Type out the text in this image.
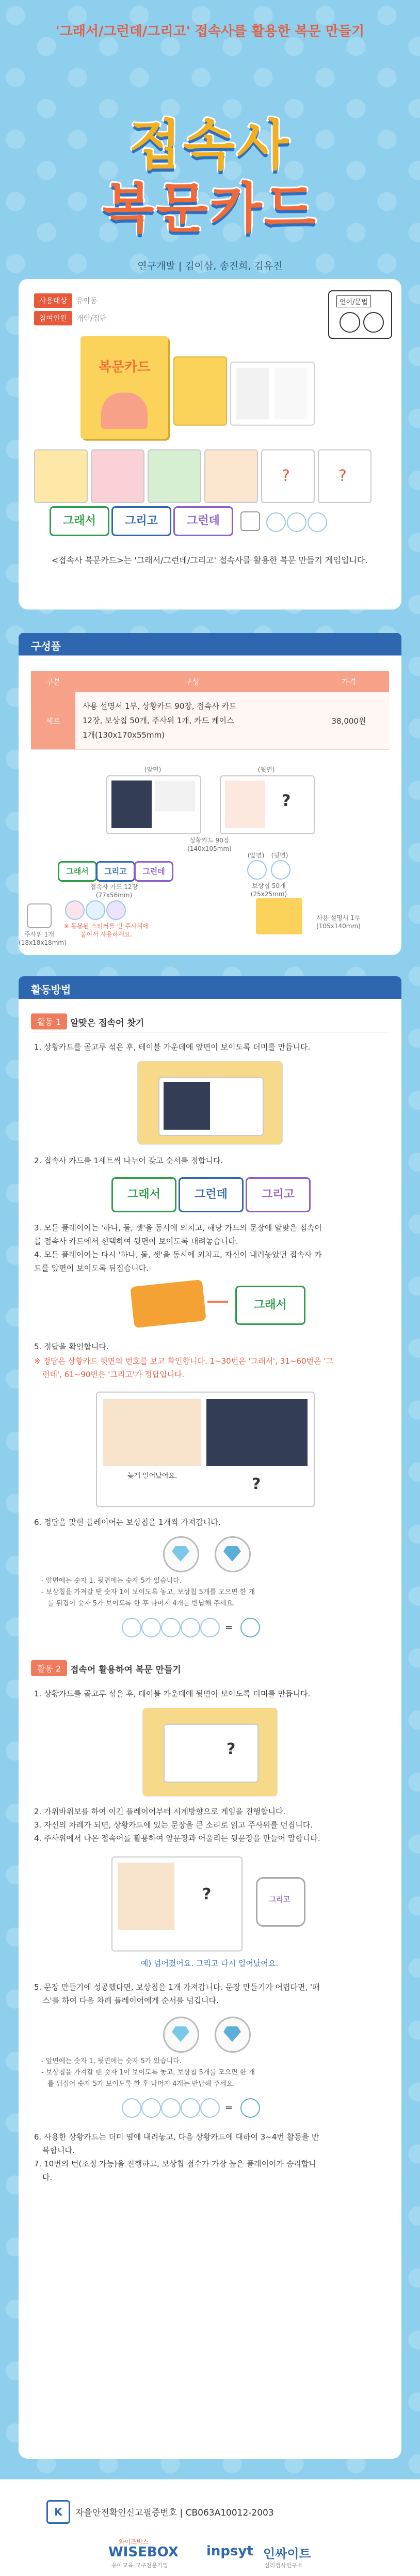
'그래서/그런데/그리고' 접속사를 활용한 복문 만들기
접속사
복문카드
연구개발 | 김이삼, 송진희, 김유진
사용대상	유아동
참여인원	개인/집단
언어/문법
복문카드
?	?
그래서	그리고	그런데
<접속사 복문카드>는 '그래서/그런데/그리고' 접속사를 활용한 복문 만들기 게임입니다.
구성품
구분	구성	가격
세트	사용 설명서 1부, 상황카드 90장, 접속사 카드
12장, 보상칩 50개, 주사위 1개, 카드 케이스
1개(130x170x55mm)	38,000원
(앞면)	(뒷면)
?
상황카드 90장
(140x105mm)
그래서	그리고	그런데
접속사 카드 12장
(77x56mm)
(앞면)	(뒷면)
보상칩 50개
(25x25mm)
주사위 1개
(18x18x18mm)
※ 동봉된 스티커를 빈 주사위에
붙여서 사용하세요.
사용 설명서 1부
(105x140mm)
활동방법
활동 1	알맞은 접속어 찾기
1. 상황카드를 골고루 섞은 후, 테이블 가운데에 앞면이 보이도록 더미를 만듭니다.
2. 접속사 카드를 1세트씩 나누어 갖고 순서를 정합니다.
그래서	그런데	그리고
3. 모든 플레이어는 '하나, 둘, 셋'을 동시에 외치고, 해당 카드의 문장에 알맞은 접속어
를 접속사 카드에서 선택하여 뒷면이 보이도록 내려놓습니다.
4. 모든 플레이어는 다시 '하나, 둘, 셋'을 동시에 외치고, 자신이 내려놓았던 접속사 카
드를 앞면이 보이도록 뒤집습니다.
그래서
5. 정답을 확인합니다.
※ 정답은 상황카드 뒷면의 번호를 보고 확인합니다. 1~30번은 '그래서', 31~60번은 '그
런데', 61~90번은 '그리고'가 정답입니다.
늦게 일어났어요.	?
6. 정답을 맞힌 플레이어는 보상칩을 1개씩 가져갑니다.
- 앞면에는 숫자 1, 뒷면에는 숫자 5가 있습니다.
- 보상칩을 가져갈 땐 숫자 1이 보이도록 놓고, 보상칩 5개를 모으면 한 개
를 뒤집어 숫자 5가 보이도록 한 후 나머지 4개는 반납해 주세요.
=
활동 2	접속어 활용하여 복문 만들기
1. 상황카드를 골고루 섞은 후, 테이블 가운데에 뒷면이 보이도록 더미를 만듭니다.
?
2. 가위바위보를 하여 이긴 플레이어부터 시계방향으로 게임을 진행합니다.
3. 자신의 차례가 되면, 상황카드에 있는 문장을 큰 소리로 읽고 주사위를 던집니다.
4. 주사위에서 나온 접속어를 활용하여 앞문장과 어울리는 뒷문장을 만들어 말합니다.
?	그리고
예) 넘어졌어요. 그리고 다시 일어났어요.
5. 문장 만들기에 성공했다면, 보상칩을 1개 가져갑니다. 문장 만들기가 어렵다면, '패
스'를 하여 다음 차례 플레이어에게 순서를 넘깁니다.
- 앞면에는 숫자 1, 뒷면에는 숫자 5가 있습니다.
- 보상칩을 가져갈 땐 숫자 1이 보이도록 놓고, 보상칩 5개를 모으면 한 개
를 뒤집어 숫자 5가 보이도록 한 후 나머지 4개는 반납해 주세요.
=
6. 사용한 상황카드는 더미 옆에 내려놓고, 다음 상황카드에 대하여 3~4번 활동을 반
복합니다.
7. 10번의 턴(조정 가능)을 진행하고, 보상칩 점수가 가장 높은 플레이어가 승리합니
다.
K	자율안전확인신고필증번호 | CB063A10012-2003
와이즈박스
WISEBOX
유아교육 교구전문기업
inpsyt 인싸이트
심리검사연구소
